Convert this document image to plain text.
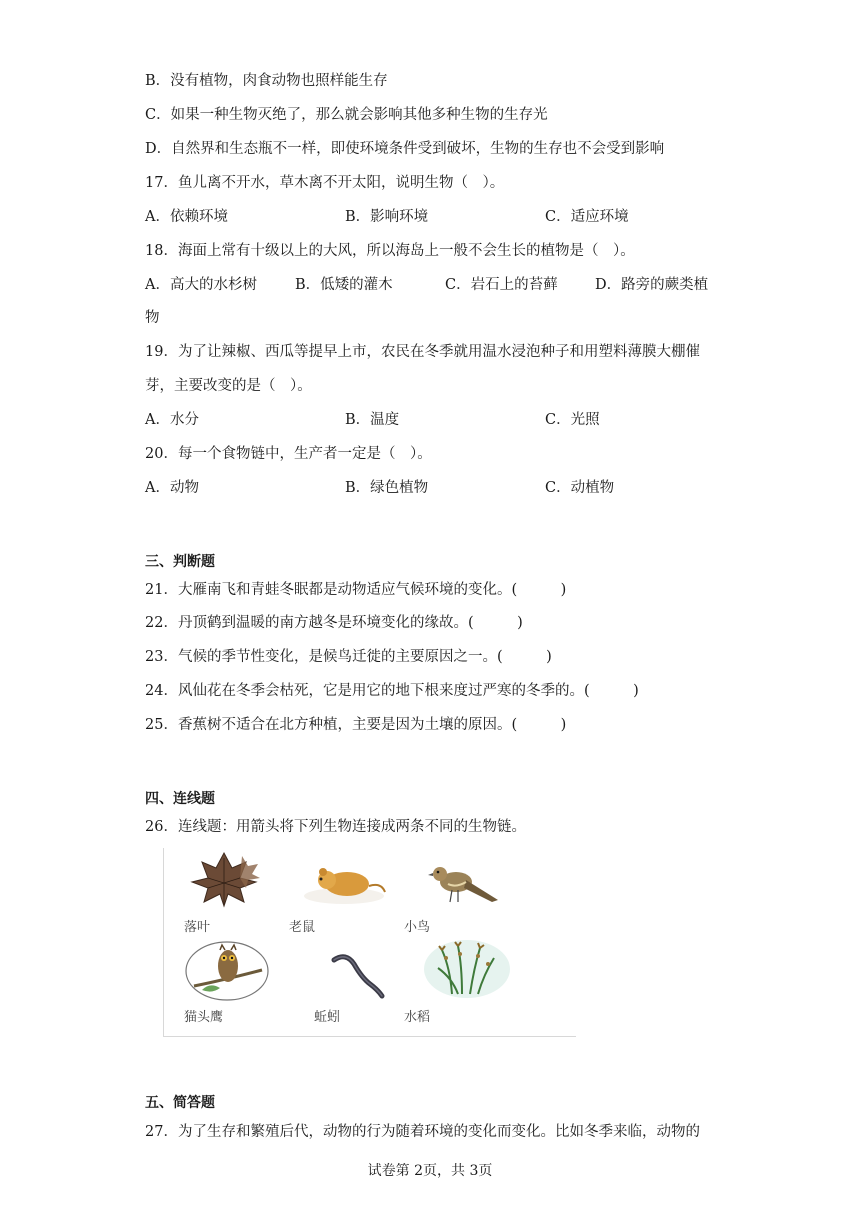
B．没有植物，肉食动物也照样能生存
C．如果一种生物灭绝了，那么就会影响其他多种生物的生存光
D．自然界和生态瓶不一样，即使环境条件受到破坏，生物的生存也不会受到影响
17．鱼儿离不开水，草木离不开太阳，说明生物（　）。
A．依赖环境	B．影响环境	C．适应环境
18．海面上常有十级以上的大风，所以海岛上一般不会生长的植物是（　）。
A．高大的水杉树	B．低矮的灌木	C．岩石上的苔藓	D．路旁的蕨类植
物
19．为了让辣椒、西瓜等提早上市，农民在冬季就用温水浸泡种子和用塑料薄膜大棚催
芽，主要改变的是（　）。
A．水分	B．温度	C．光照
20．每一个食物链中，生产者一定是（　）。
A．动物	B．绿色植物	C．动植物
三、判断题
21．大雁南飞和青蛙冬眠都是动物适应气候环境的变化。(　　　)
22．丹顶鹤到温暖的南方越冬是环境变化的缘故。(　　　)
23．气候的季节性变化，是候鸟迁徙的主要原因之一。(　　　)
24．风仙花在冬季会枯死，它是用它的地下根来度过严寒的冬季的。(　　　)
25．香蕉树不适合在北方种植，主要是因为土壤的原因。(　　　)
四、连线题
26．连线题：用箭头将下列生物连接成两条不同的生物链。
落叶	老鼠	小鸟
猫头鹰	蚯蚓	水稻
五、简答题
27．为了生存和繁殖后代，动物的行为随着环境的变化而变化。比如冬季来临，动物的
试卷第 2页，共 3页
